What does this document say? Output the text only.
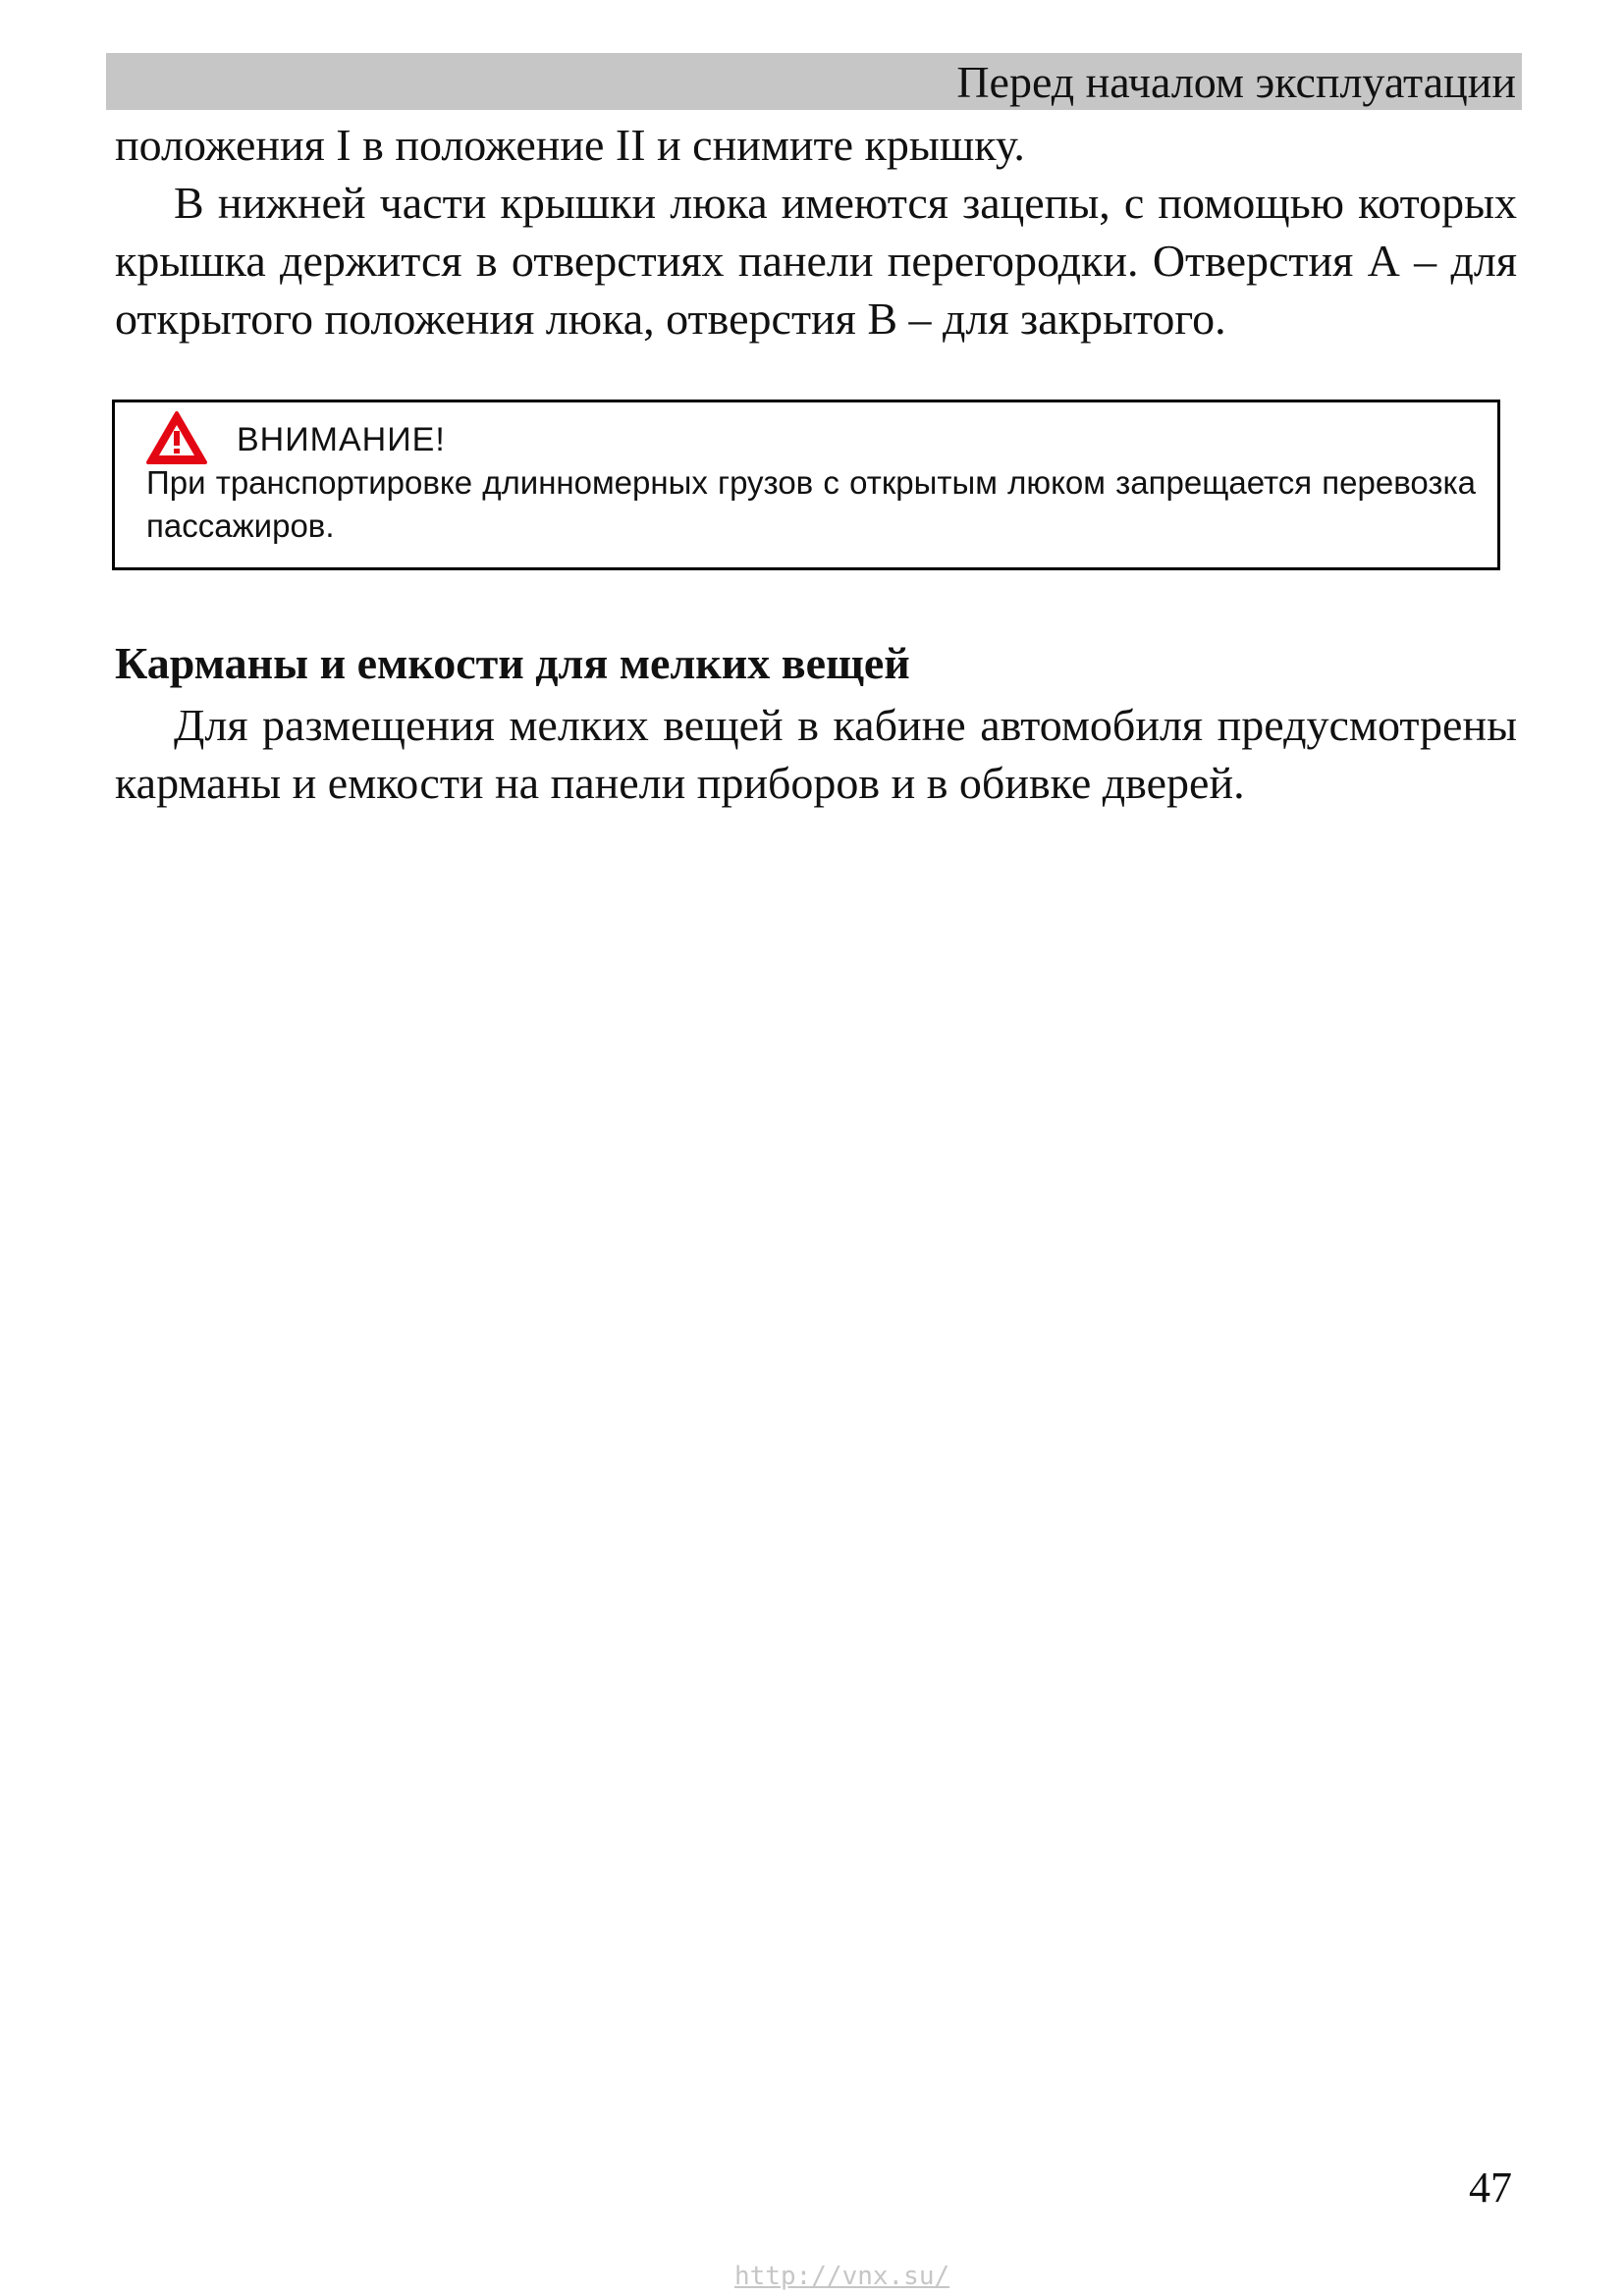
Перед началом эксплуатации

положения I в положение II и снимите крышку.

В нижней части крышки люка имеются зацепы, с помощью которых крышка держится в отверстиях панели перегородки. Отверстия А – для открытого положения люка, отверстия В – для закрытого.

ВНИМАНИЕ!

При транспортировке длинномерных грузов с открытым люком запрещается перевозка пассажиров.

Карманы и емкости для мелких вещей

Для размещения мелких вещей в кабине автомобиля предусмотрены карманы и емкости на панели приборов и в обивке дверей.

47
http://vnx.su/
